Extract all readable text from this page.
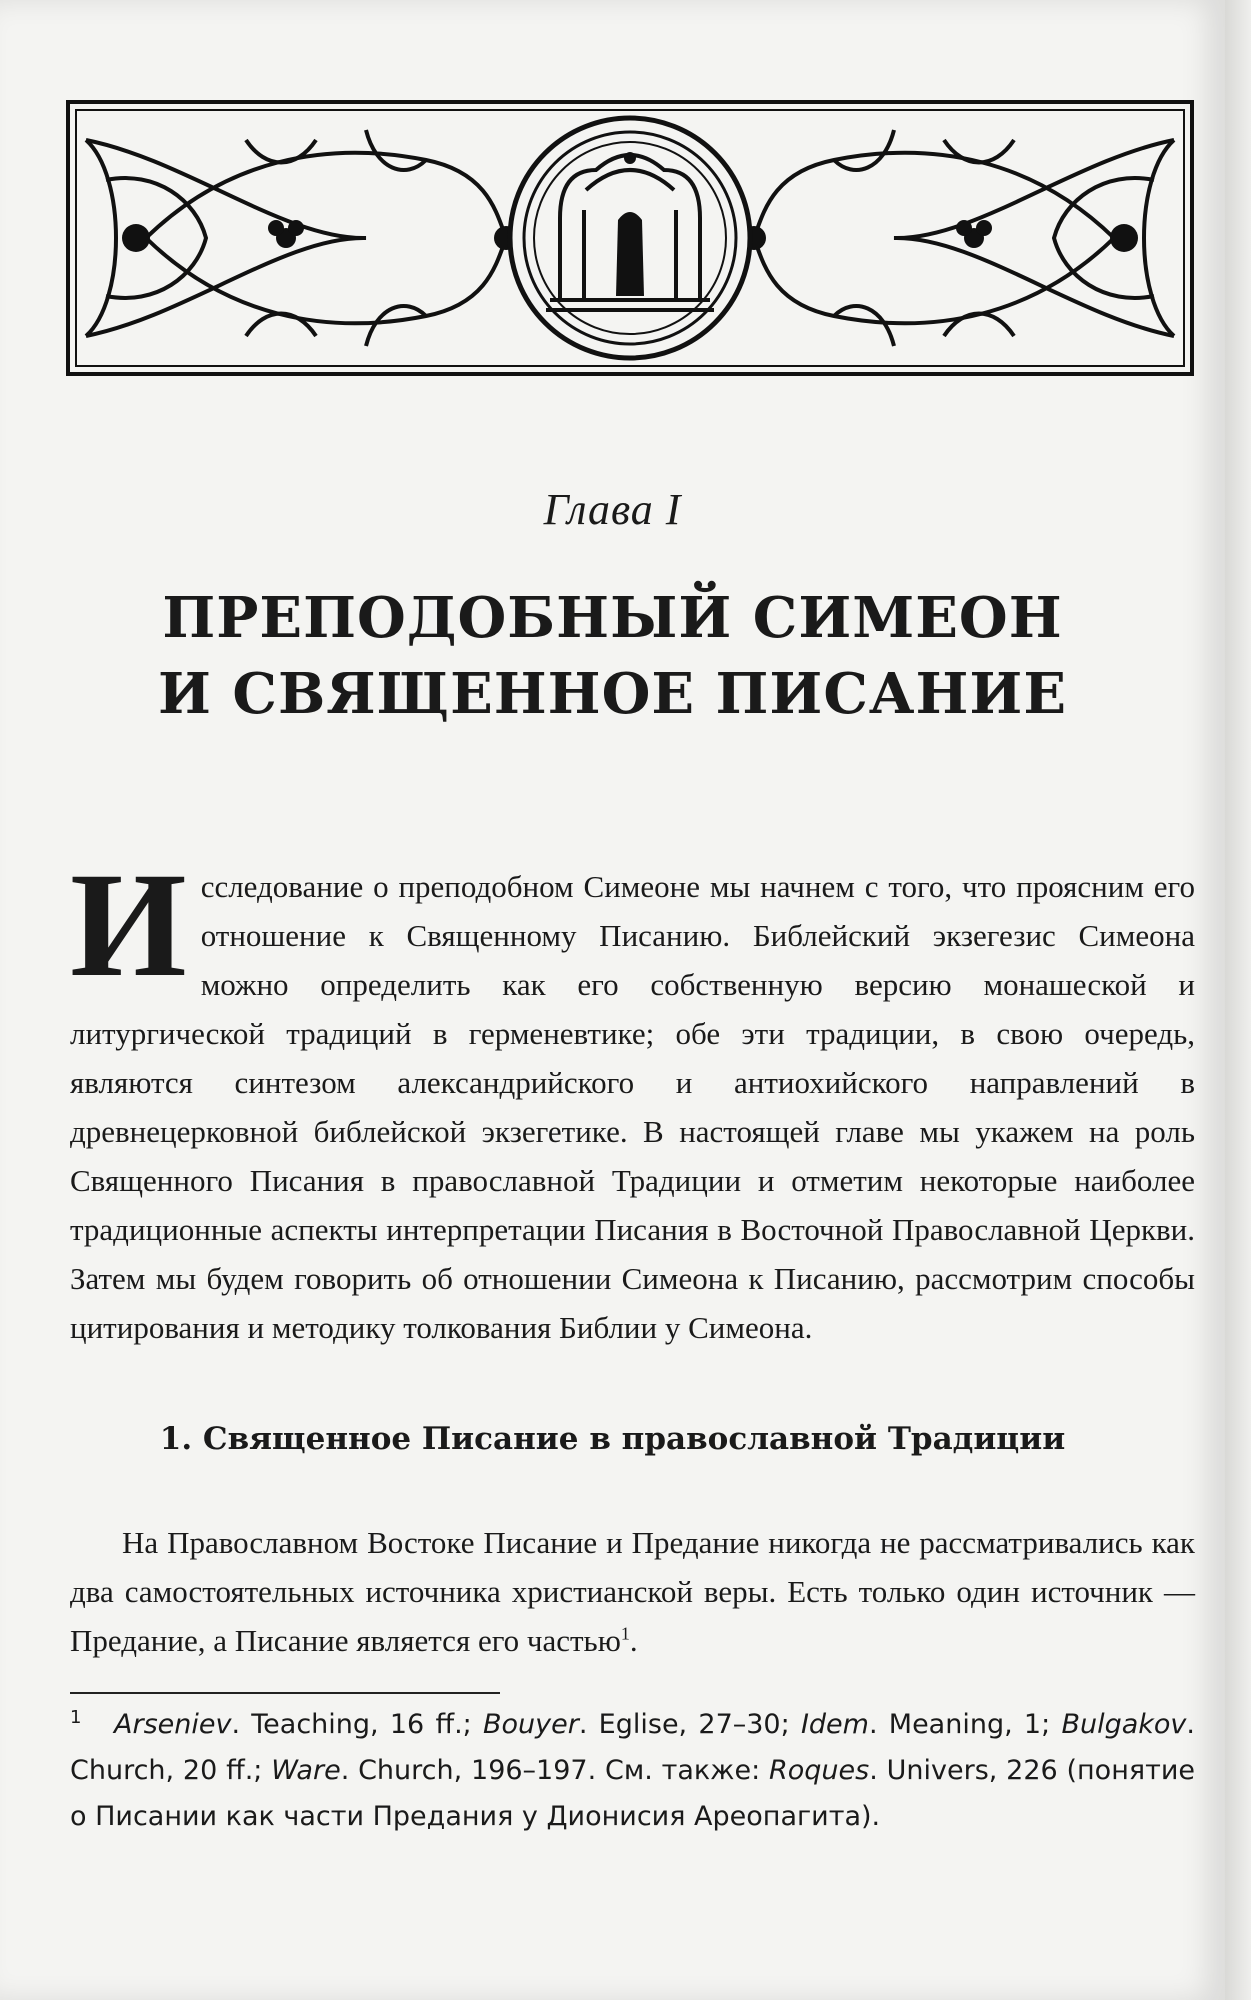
Глава I
ПРЕПОДОБНЫЙ СИМЕОН
И СВЯЩЕННОЕ ПИСАНИЕ
Исследование о преподобном Симеоне мы начнем с того, что проясним его отношение к Священному Писанию. Библейский экзегезис Симеона можно определить как его собственную версию монашеской и литургической традиций в герменевтике; обе эти традиции, в свою очередь, являются синтезом александрийского и антиохийского направлений в древнецерковной библейской экзегетике. В настоящей главе мы укажем на роль Священного Писания в православной Традиции и отметим некоторые наиболее традиционные аспекты интерпретации Писания в Восточной Православной Церкви. Затем мы будем говорить об отношении Симеона к Писанию, рассмотрим способы цитирования и методику толкования Библии у Симеона.
1. Священное Писание в православной Традиции
На Православном Востоке Писание и Предание никогда не рассматривались как два самостоятельных источника христианской веры. Есть только один источник — Предание, а Писание является его частью$^1$.
$^1$ Arseniev. Teaching, 16 ff.; Bouyer. Eglise, 27–30; Idem. Meaning, 1; Bulgakov. Church, 20 ff.; Ware. Church, 196–197. См. также: Roques. Univers, 226 (понятие о Писании как части Предания у Дионисия Ареопагита).
